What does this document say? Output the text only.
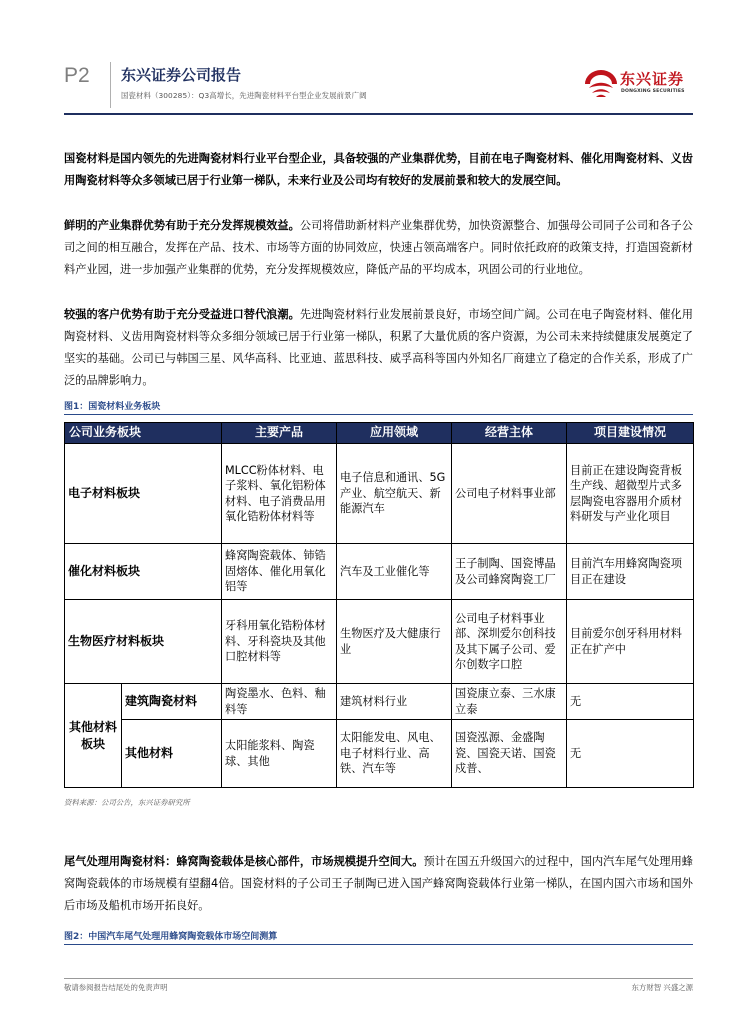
P2 东兴证券公司报告
国瓷材料（300285）：Q3高增长，先进陶瓷材料平台型企业发展前景广阔
东兴证券
DONGXING SECURITIES

国瓷材料是国内领先的先进陶瓷材料行业平台型企业，具备较强的产业集群优势，目前在电子陶瓷材料、催化用陶瓷材料、义齿用陶瓷材料等众多领域已居于行业第一梯队，未来行业及公司均有较好的发展前景和较大的发展空间。

鲜明的产业集群优势有助于充分发挥规模效益。公司将借助新材料产业集群优势，加快资源整合、加强母公司同子公司和各子公司之间的相互融合，发挥在产品、技术、市场等方面的协同效应，快速占领高端客户。同时依托政府的政策支持，打造国瓷新材料产业园，进一步加强产业集群的优势，充分发挥规模效应，降低产品的平均成本，巩固公司的行业地位。

较强的客户优势有助于充分受益进口替代浪潮。先进陶瓷材料行业发展前景良好，市场空间广阔。公司在电子陶瓷材料、催化用陶瓷材料、义齿用陶瓷材料等众多细分领域已居于行业第一梯队，积累了大量优质的客户资源，为公司未来持续健康发展奠定了坚实的基础。公司已与韩国三星、风华高科、比亚迪、蓝思科技、威孚高科等国内外知名厂商建立了稳定的合作关系，形成了广泛的品牌影响力。

图1：国瓷材料业务板块
公司业务板块		主要产品	应用领域	经营主体	项目建设情况
电子材料板块		MLCC粉体材料、电子浆料、氧化铝粉体材料、电子消费品用氧化锆粉体材料等	电子信息和通讯、5G产业、航空航天、新能源汽车	公司电子材料事业部	目前正在建设陶瓷背板生产线、超微型片式多层陶瓷电容器用介质材料研发与产业化项目
催化材料板块		蜂窝陶瓷载体、铈锆固熔体、催化用氧化铝等	汽车及工业催化等	王子制陶、国瓷博晶及公司蜂窝陶瓷工厂	目前汽车用蜂窝陶瓷项目正在建设
生物医疗材料板块		牙科用氧化锆粉体材料、牙科瓷块及其他口腔材料等	生物医疗及大健康行业	公司电子材料事业部、深圳爱尔创科技及其下属子公司、爱尔创数字口腔	目前爱尔创牙科用材料正在扩产中
其他材料板块	建筑陶瓷材料	陶瓷墨水、色料、釉料等	建筑材料行业	国瓷康立泰、三水康立泰	无
	其他材料	太阳能浆料、陶瓷球、其他	太阳能发电、风电、电子材料行业、高铁、汽车等	国瓷泓源、金盛陶瓷、国瓷天诺、国瓷戍普、	无
资料来源：公司公告，东兴证券研究所

尾气处理用陶瓷材料：蜂窝陶瓷载体是核心部件，市场规模提升空间大。预计在国五升级国六的过程中，国内汽车尾气处理用蜂窝陶瓷载体的市场规模有望翻4倍。国瓷材料的子公司王子制陶已进入国产蜂窝陶瓷载体行业第一梯队，在国内国六市场和国外后市场及船机市场开拓良好。

图2：中国汽车尾气处理用蜂窝陶瓷载体市场空间测算
敬请参阅报告结尾处的免责声明	东方财智 兴盛之源
